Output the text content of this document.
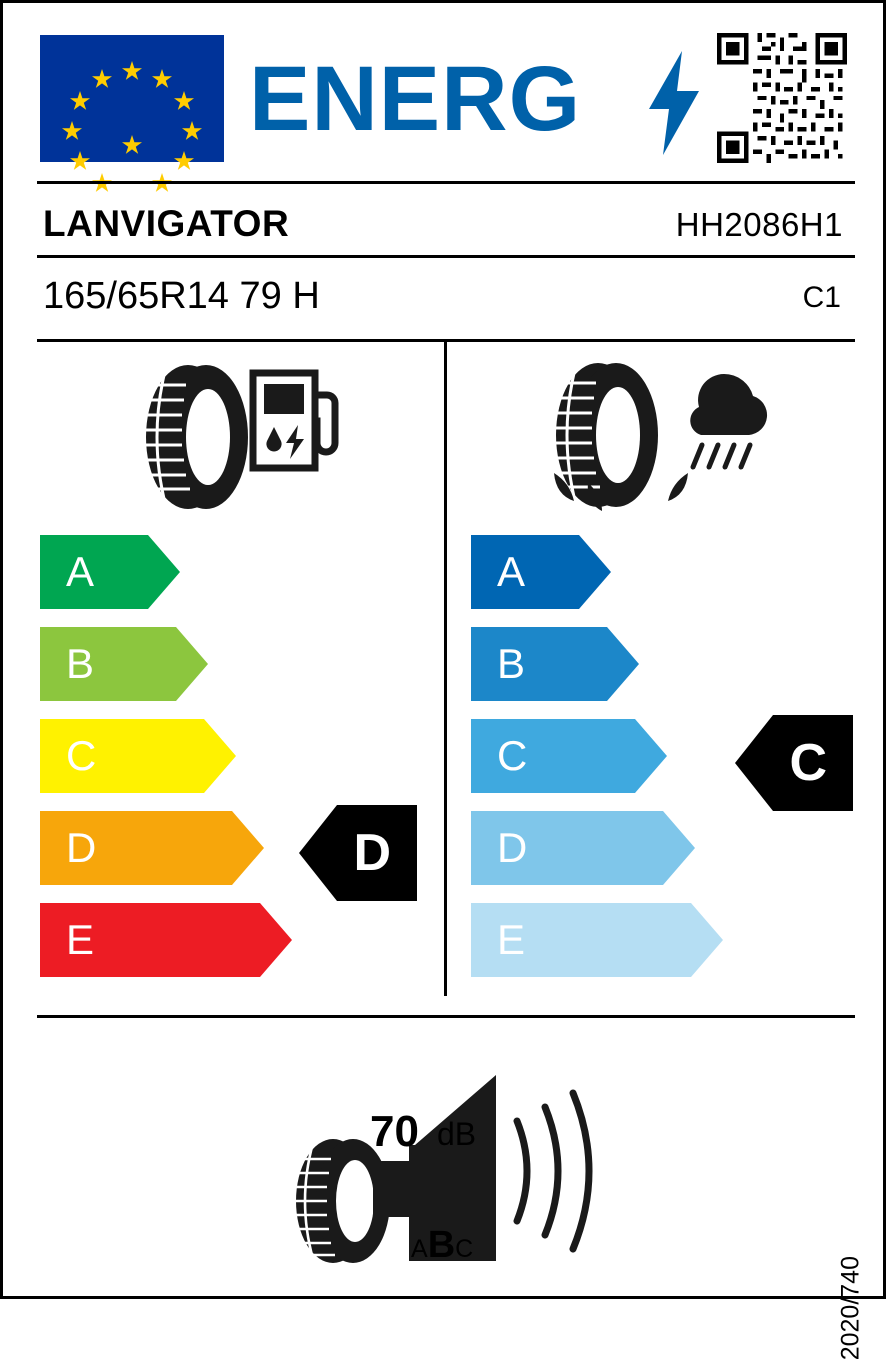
ENERG
LANVIGATOR	HH2086H1
165/65R14 79 H	C1
A
B
C
D
E
D
A
B
C
D
E
C
70 dB
A B C
2020/740
